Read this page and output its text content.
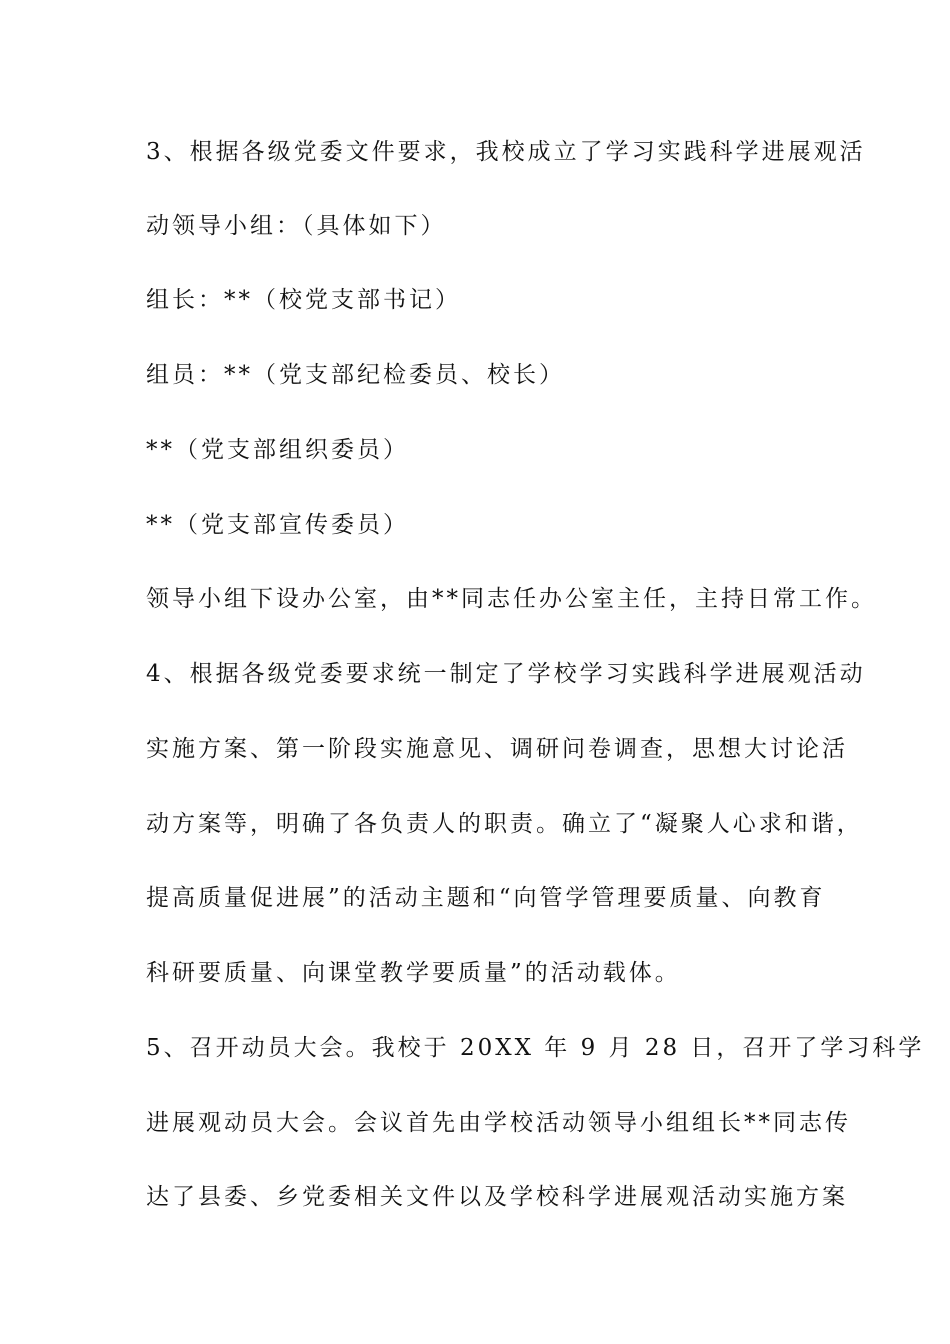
3、根据各级党委文件要求，我校成立了学习实践科学进展观活
动领导小组：（具体如下）
组长：**（校党支部书记）
组员：**（党支部纪检委员、校长）
**（党支部组织委员）
**（党支部宣传委员）
领导小组下设办公室，由**同志任办公室主任，主持日常工作。
4、根据各级党委要求统一制定了学校学习实践科学进展观活动
实施方案、第一阶段实施意见、调研问卷调查，思想大讨论活
动方案等，明确了各负责人的职责。确立了“凝聚人心求和谐，
提高质量促进展”的活动主题和“向管学管理要质量、向教育
科研要质量、向课堂教学要质量”的活动载体。
5、召开动员大会。我校于 20XX 年 9 月 28 日，召开了学习科学
进展观动员大会。会议首先由学校活动领导小组组长**同志传
达了县委、乡党委相关文件以及学校科学进展观活动实施方案
